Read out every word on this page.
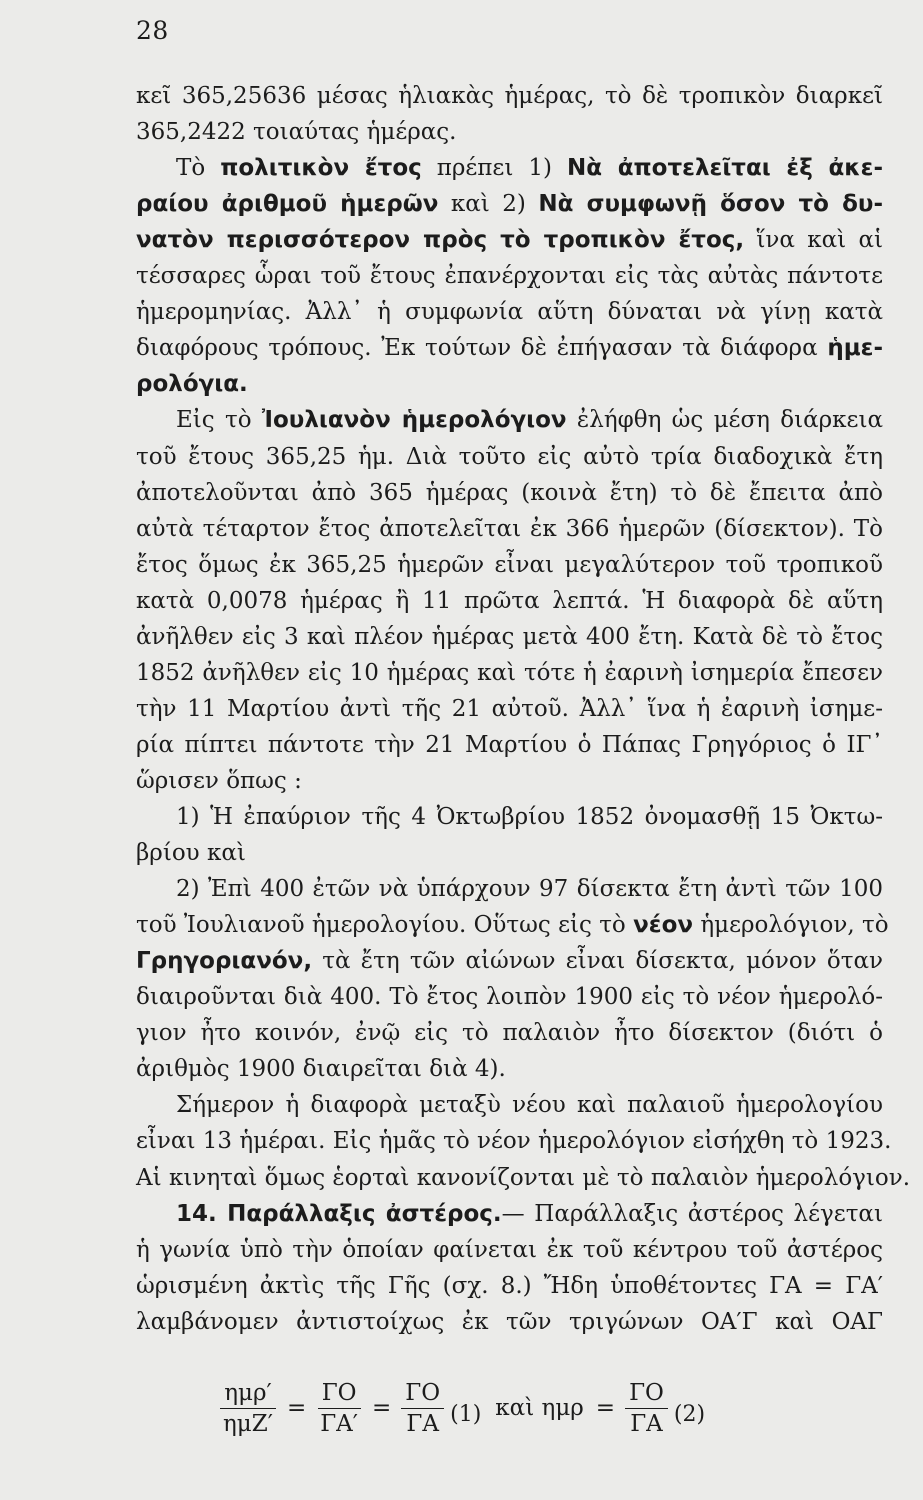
28
κεῖ 365,25636 μέσας ἡλιακὰς ἡμέρας, τὸ δὲ τροπικὸν διαρκεῖ
365,2422 τοιαύτας ἡμέρας.
Τὸ πολιτικὸν ἔτος πρέπει 1) Νὰ ἀποτελεῖται ἐξ ἀκε-
ραίου ἀριθμοῦ ἡμερῶν καὶ 2) Νὰ συμφωνῇ ὅσον τὸ δυ-
νατὸν περισσότερον πρὸς τὸ τροπικὸν ἔτος, ἵνα καὶ αἱ
τέσσαρες ὧραι τοῦ ἔτους ἐπανέρχονται εἰς τὰς αὐτὰς πάντοτε
ἡμερομηνίας. Ἀλλ᾽ ἡ συμφωνία αὕτη δύναται νὰ γίνῃ κατὰ
διαφόρους τρόπους. Ἐκ τούτων δὲ ἐπήγασαν τὰ διάφορα ἡμε-
ρολόγια.
Εἰς τὸ Ἰουλιανὸν ἡμερολόγιον ἐλήφθη ὡς μέση διάρκεια
τοῦ ἔτους 365,25 ἡμ. Διὰ τοῦτο εἰς αὐτὸ τρία διαδοχικὰ ἔτη
ἀποτελοῦνται ἀπὸ 365 ἡμέρας (κοινὰ ἔτη) τὸ δὲ ἔπειτα ἀπὸ
αὐτὰ τέταρτον ἔτος ἀποτελεῖται ἐκ 366 ἡμερῶν (δίσεκτον). Τὸ
ἔτος ὅμως ἐκ 365,25 ἡμερῶν εἶναι μεγαλύτερον τοῦ τροπικοῦ
κατὰ 0,0078 ἡμέρας ἢ 11 πρῶτα λεπτά. Ἡ διαφορὰ δὲ αὕτη
ἀνῆλθεν εἰς 3 καὶ πλέον ἡμέρας μετὰ 400 ἔτη. Κατὰ δὲ τὸ ἔτος
1852 ἀνῆλθεν εἰς 10 ἡμέρας καὶ τότε ἡ ἐαρινὴ ἰσημερία ἔπεσεν
τὴν 11 Μαρτίου ἀντὶ τῆς 21 αὐτοῦ. Ἀλλ᾽ ἵνα ἡ ἐαρινὴ ἰσημε-
ρία πίπτει πάντοτε τὴν 21 Μαρτίου ὁ Πάπας Γρηγόριος ὁ ΙΓ᾽
ὥρισεν ὅπως :
1) Ἡ ἐπαύριον τῆς 4 Ὀκτωβρίου 1852 ὀνομασθῇ 15 Ὀκτω-
βρίου καὶ
2) Ἐπὶ 400 ἐτῶν νὰ ὑπάρχουν 97 δίσεκτα ἔτη ἀντὶ τῶν 100
τοῦ Ἰουλιανοῦ ἡμερολογίου. Οὕτως εἰς τὸ νέον ἡμερολόγιον, τὸ
Γρηγοριανόν, τὰ ἔτη τῶν αἰώνων εἶναι δίσεκτα, μόνον ὅταν
διαιροῦνται διὰ 400. Τὸ ἔτος λοιπὸν 1900 εἰς τὸ νέον ἡμερολό-
γιον ἦτο κοινόν, ἐνῷ εἰς τὸ παλαιὸν ἦτο δίσεκτον (διότι ὁ
ἀριθμὸς 1900 διαιρεῖται διὰ 4).
Σήμερον ἡ διαφορὰ μεταξὺ νέου καὶ παλαιοῦ ἡμερολογίου
εἶναι 13 ἡμέραι. Εἰς ἡμᾶς τὸ νέον ἡμερολόγιον εἰσήχθη τὸ 1923.
Αἱ κινηταὶ ὅμως ἑορταὶ κανονίζονται μὲ τὸ παλαιὸν ἡμερολόγιον.
14. Παράλλαξις ἀστέρος.— Παράλλαξις ἀστέρος λέγεται
ἡ γωνία ὑπὸ τὴν ὁποίαν φαίνεται ἐκ τοῦ κέντρου τοῦ ἀστέρος
ὡρισμένη ἀκτὶς τῆς Γῆς (σχ. 8.) Ἤδη ὑποθέτοντες ΓΑ = ΓΑ′
λαμβάνομεν ἀντιστοίχως ἐκ τῶν τριγώνων ΟΑ′Γ καὶ ΟΑΓ
$\frac{\text{ημρ′}}{\text{ημΖ′}} = \frac{\Gamma O}{\Gamma A'} = \frac{\Gamma O}{\Gamma A} (1)$ καὶ $\eta\mu\rho = \frac{\Gamma O}{\Gamma A} (2)$
